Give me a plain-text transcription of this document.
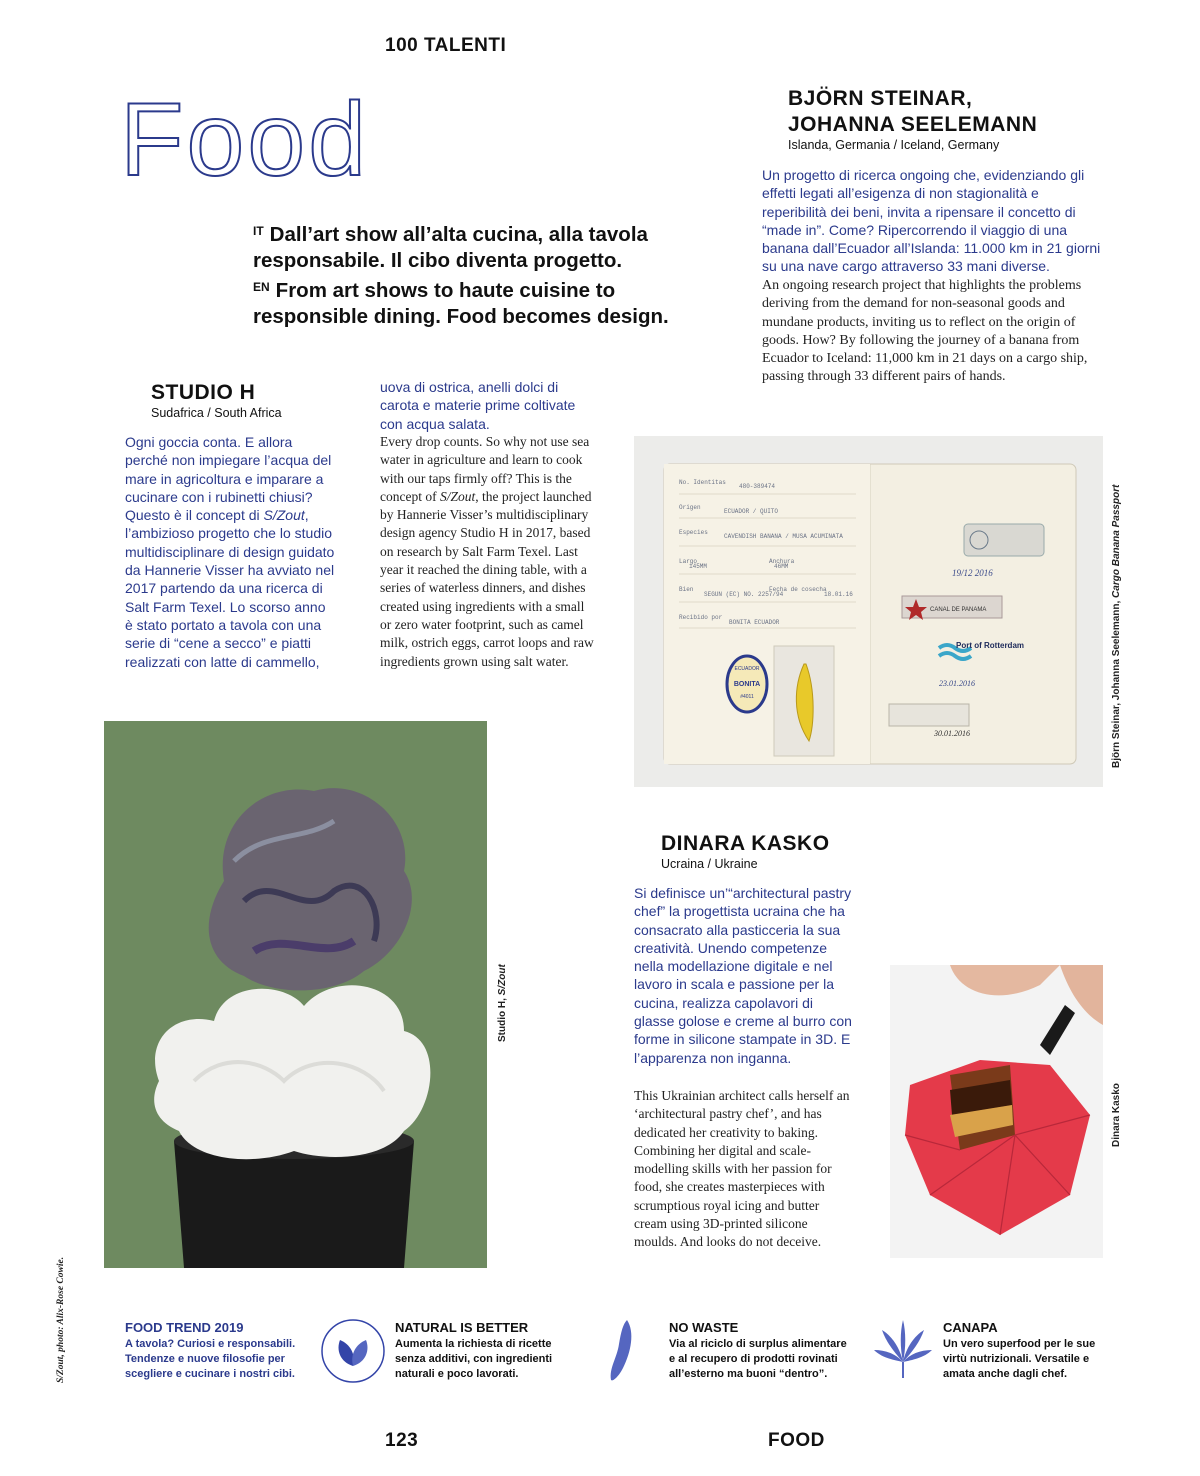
100 TALENTI
Food
$^{IT}$ Dall’art show all’alta cucina, alla tavola responsabile. Il cibo diventa progetto.
$^{EN}$ From art shows to haute cuisine to responsible dining. Food becomes design.
BJÖRN STEINAR,
JOHANNA SEELEMANN
Islanda, Germania / Iceland, Germany
Un progetto di ricerca ongoing che, evidenziando gli effetti legati all’esigenza di non stagionalità e reperibilità dei beni, invita a ripensare il concetto di “made in”. Come? Ripercorrendo il viaggio di una banana dall’Ecuador all’Islanda: 11.000 km in 21 giorni su una nave cargo attraverso 33 mani diverse.
An ongoing research project that highlights the problems deriving from the demand for non-seasonal goods and mundane products, inviting us to reflect on the origin of goods. How? By following the journey of a banana from Ecuador to Iceland: 11,000 km in 21 days on a cargo ship, passing through 33 different pairs of hands.
No. Identitas
480-389474
Origen
ECUADOR / QUITO
Especies
CAVENDISH BANANA / MUSA ACUMINATA
Largo
145MM
Anchura
46MM
Bien
SEGUN (EC) NO. 2257/94
Fecha de cosecha
18.01.16
Recibido por
BONITA ECUADOR
ECUADOR
BONITA
#4011
19/12 2016
CANAL DE PANAMA
Port of Rotterdam
23.01.2016
30.01.2016	Björn Steinar, Johanna Seelemann, Cargo Banana Passport
STUDIO H
Sudafrica / South Africa
Ogni goccia conta. E allora perché non impiegare l’acqua del mare in agricoltura e imparare a cucinare con i rubinetti chiusi? Questo è il concept di S/Zout, l’ambizioso progetto che lo studio multidisciplinare di design guidato da Hannerie Visser ha avviato nel 2017 partendo da una ricerca di Salt Farm Texel. Lo scorso anno è stato portato a tavola con una serie di “cene a secco” e piatti realizzati con latte di cammello,
uova di ostrica, anelli dolci di carota e materie prime coltivate con acqua salata.
Every drop counts. So why not use sea water in agriculture and learn to cook with our taps firmly off? This is the concept of S/Zout, the project launched by Hannerie Visser’s multidisciplinary design agency Studio H in 2017, based on research by Salt Farm Texel. Last year it reached the dining table, with a series of waterless dinners, and dishes created using ingredients with a small or zero water footprint, such as camel milk, ostrich eggs, carrot loops and raw ingredients grown using salt water.
Studio H, S/Zout
S/Zout, photo: Alix-Rose Cowie.
DINARA KASKO
Ucraina / Ukraine
Si definisce un’“architectural pastry chef” la progettista ucraina che ha consacrato alla pasticceria la sua creatività. Unendo competenze nella modellazione digitale e nel lavoro in scala e passione per la cucina, realizza capolavori di glasse golose e creme al burro con forme in silicone stampate in 3D. E l’apparenza non inganna.
This Ukrainian architect calls herself an ‘architectural pastry chef’, and has dedicated her creativity to baking. Combining her digital and scale-modelling skills with her passion for food, she creates masterpieces with scrumptious royal icing and butter cream using 3D-printed silicone moulds. And looks do not deceive.
Dinara Kasko
FOOD TREND 2019
A tavola? Curiosi e responsabili. Tendenze e nuove filosofie per scegliere e cucinare i nostri cibi.
NATURAL IS BETTER
Aumenta la richiesta di ricette senza additivi, con ingredienti naturali e poco lavorati.
NO WASTE
Via al riciclo di surplus alimentare e al recupero di prodotti rovinati all’esterno ma buoni “dentro”.
CANAPA
Un vero superfood per le sue virtù nutrizionali. Versatile e amata anche dagli chef.
123	FOOD
